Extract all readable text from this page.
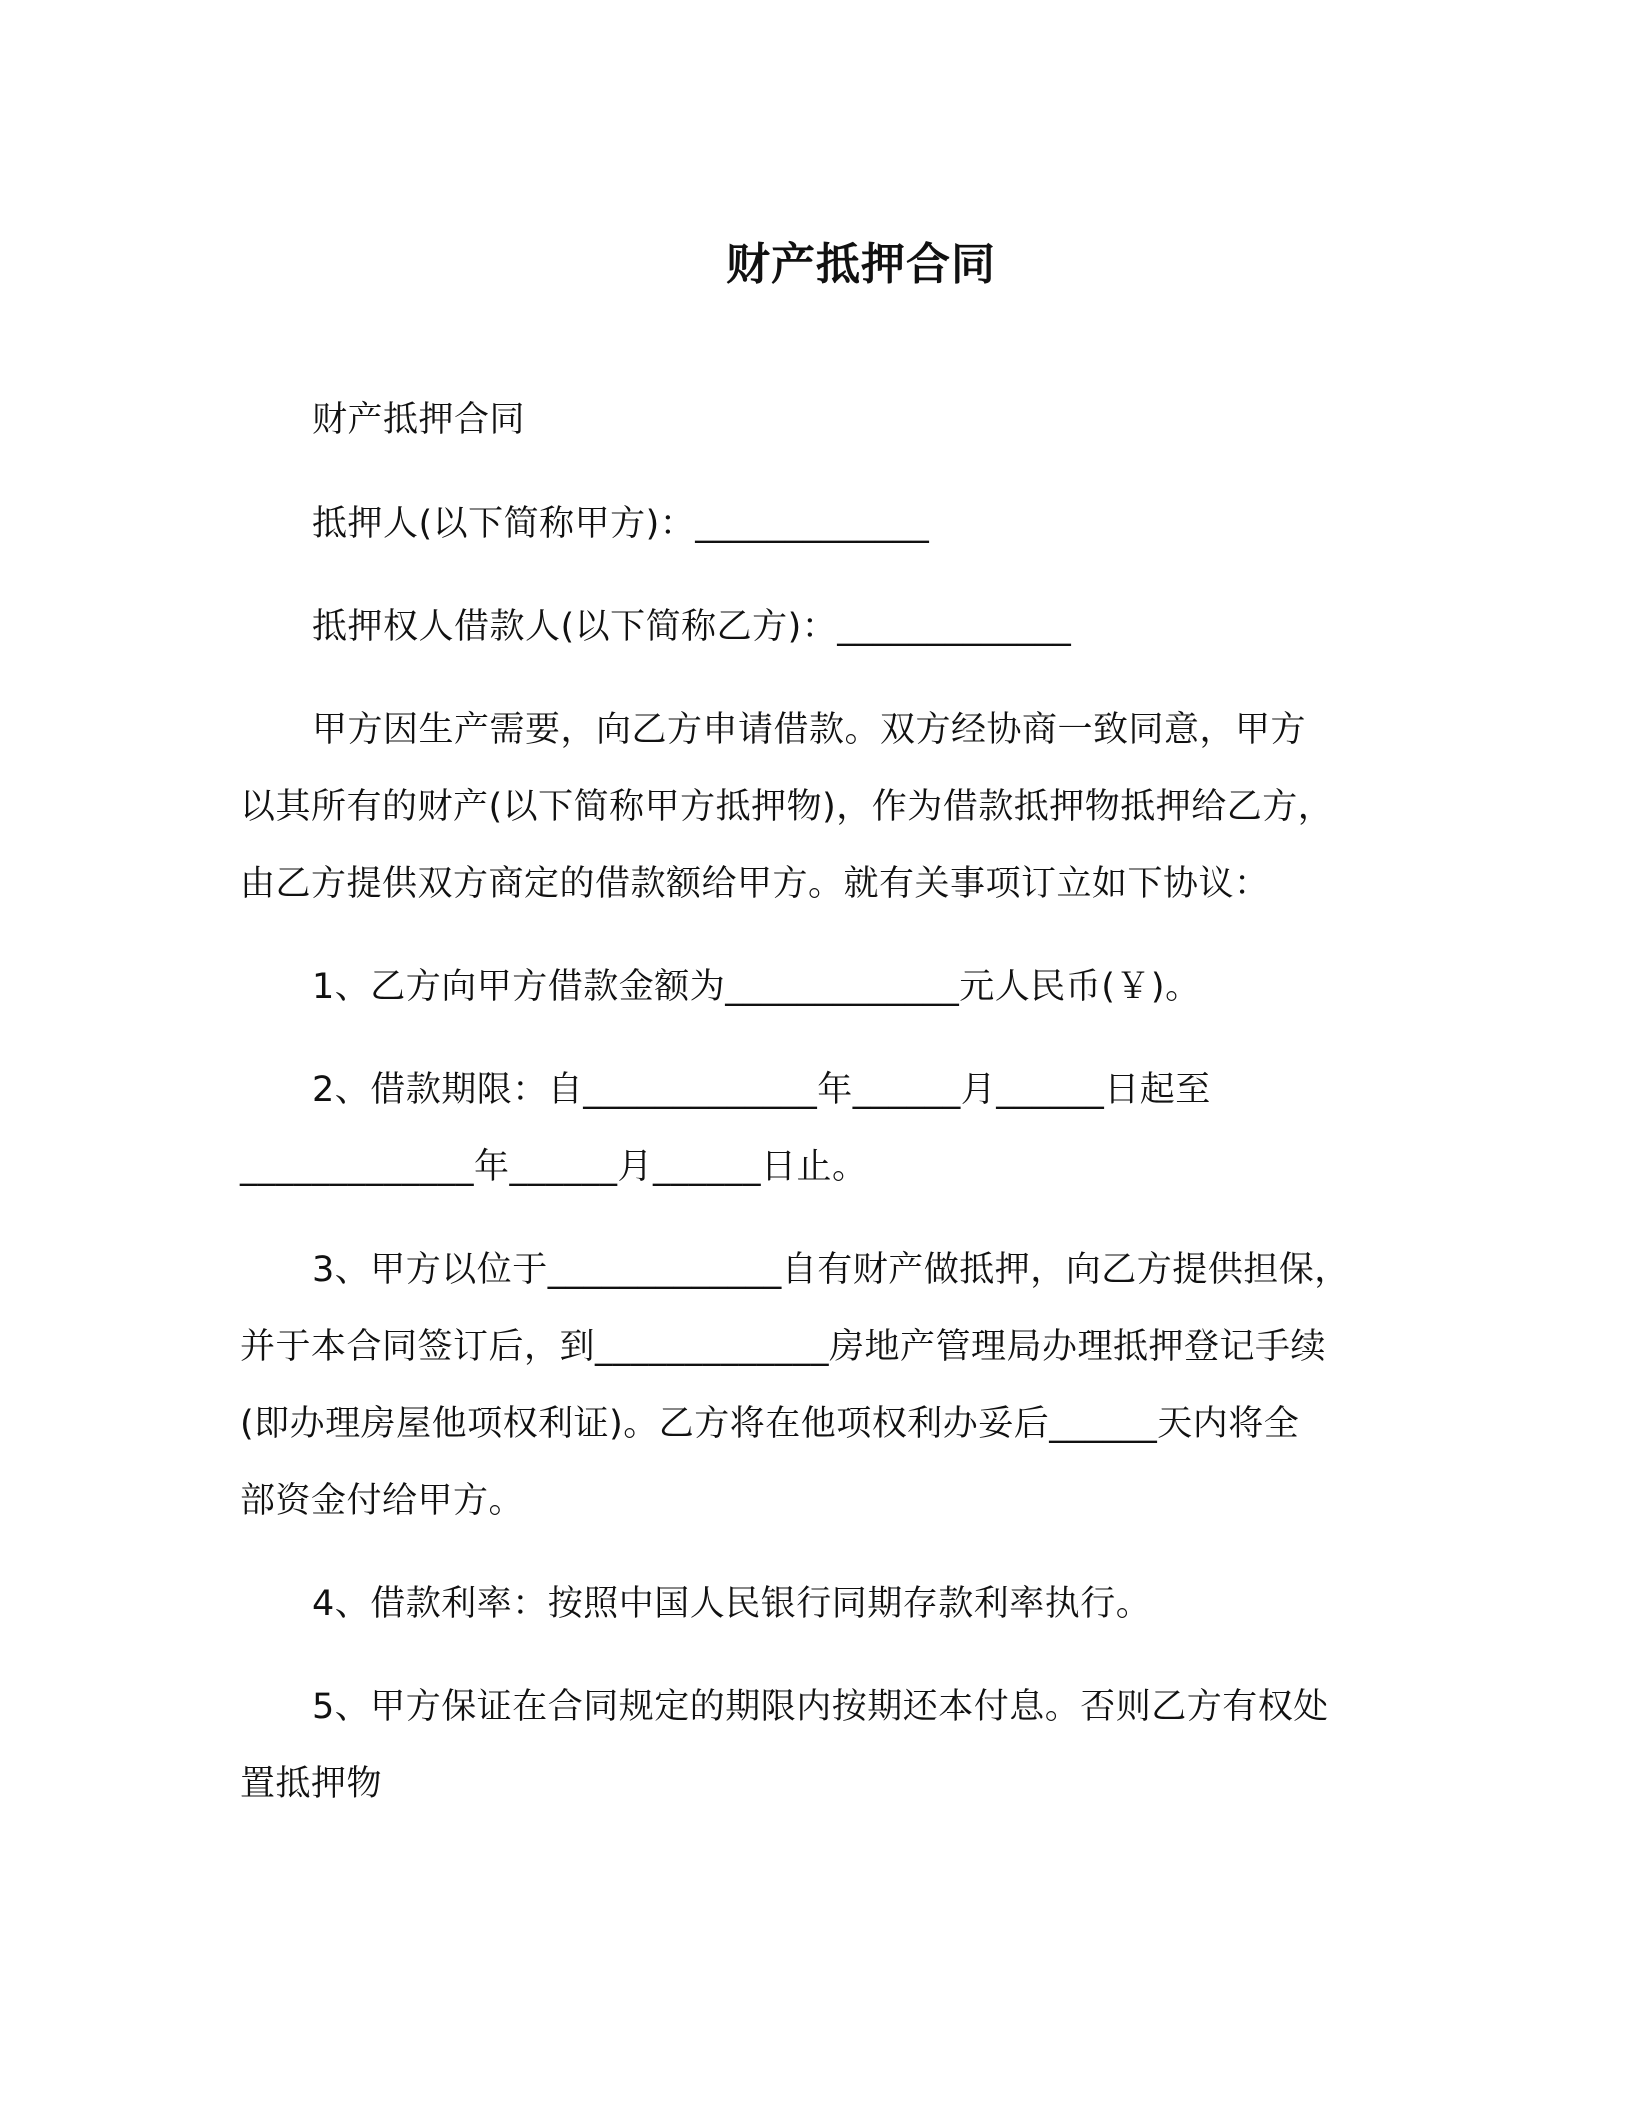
财产抵押合同
财产抵押合同
抵押人(以下简称甲方)：_____________
抵押权人借款人(以下简称乙方)：_____________
甲方因生产需要，向乙方申请借款。双方经协商一致同意，甲方
以其所有的财产(以下简称甲方抵押物)，作为借款抵押物抵押给乙方，
由乙方提供双方商定的借款额给甲方。就有关事项订立如下协议：
1、乙方向甲方借款金额为_____________元人民币(￥)。
2、借款期限：自_____________年______月______日起至
_____________年______月______日止。
3、甲方以位于_____________自有财产做抵押，向乙方提供担保，
并于本合同签订后，到_____________房地产管理局办理抵押登记手续
(即办理房屋他项权利证)。乙方将在他项权利办妥后______天内将全
部资金付给甲方。
4、借款利率：按照中国人民银行同期存款利率执行。
5、甲方保证在合同规定的期限内按期还本付息。否则乙方有权处
置抵押物
